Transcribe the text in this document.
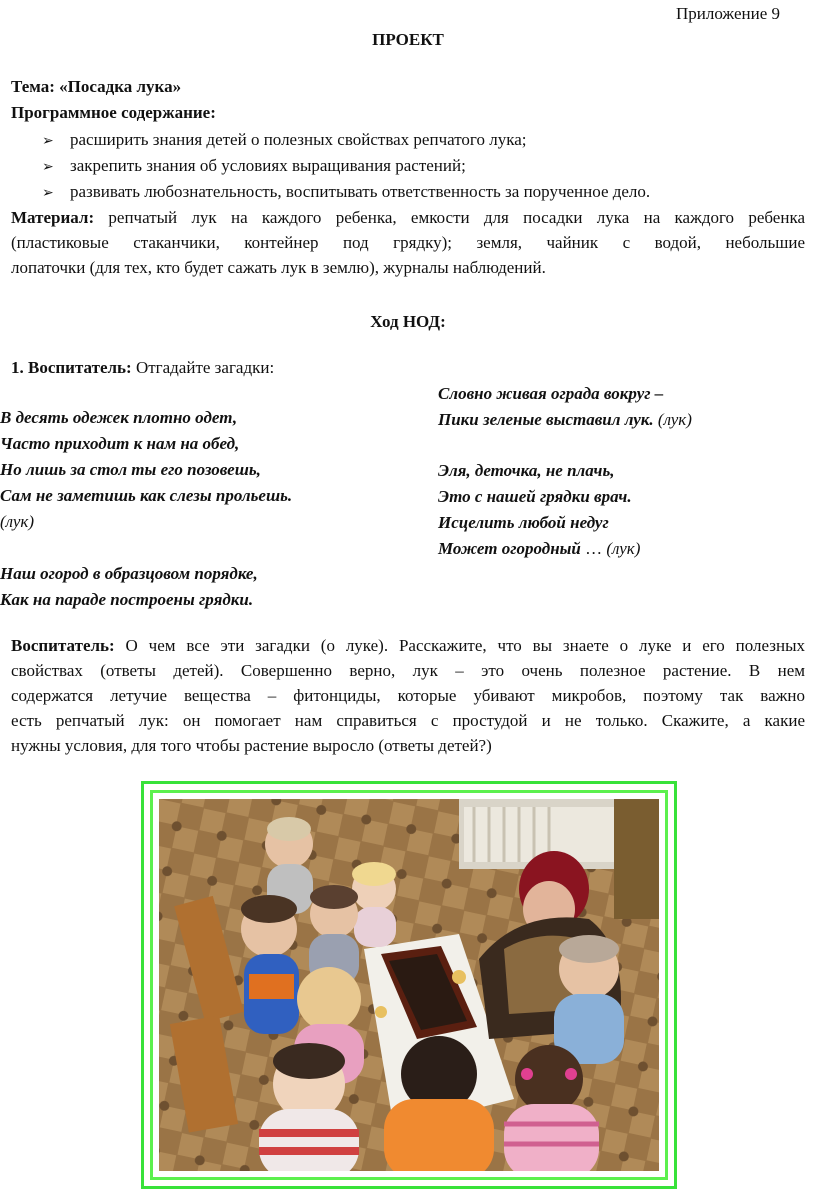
Приложение 9
ПРОЕКТ
Тема: «Посадка лука»
Программное содержание:
➢ расширить знания детей о полезных свойствах репчатого лука;
➢ закрепить знания об условиях выращивания растений;
➢ развивать любознательность, воспитывать ответственность за порученное дело.
Материал: репчатый лук на каждого ребенка, емкости для посадки лука на каждого ребенка
(пластиковые стаканчики, контейнер под грядку); земля, чайник с водой, небольшие
лопаточки (для тех, кто будет сажать лук в землю), журналы наблюдений.
Ход НОД:
1. Воспитатель: Отгадайте загадки:
Словно живая ограда вокруг –
Пики зеленые выставил лук. (лук)
Эля, деточка, не плачь,
Это с нашей грядки врач.
Исцелить любой недуг
Может огородный … (лук)
В десять одежек плотно одет,
Часто приходит к нам на обед,
Но лишь за стол ты его позовешь,
Сам не заметишь как слезы прольешь.
(лук)
Наш огород в образцовом порядке,
Как на параде построены грядки.
Воспитатель: О чем все эти загадки (о луке). Расскажите, что вы знаете о луке и его полезных
свойствах (ответы детей). Совершенно верно, лук – это очень полезное растение. В нем
содержатся летучие вещества – фитонциды, которые убивают микробов, поэтому так важно
есть репчатый лук: он помогает нам справиться с простудой и не только. Скажите, а какие
нужны условия, для того чтобы растение выросло (ответы детей?)
